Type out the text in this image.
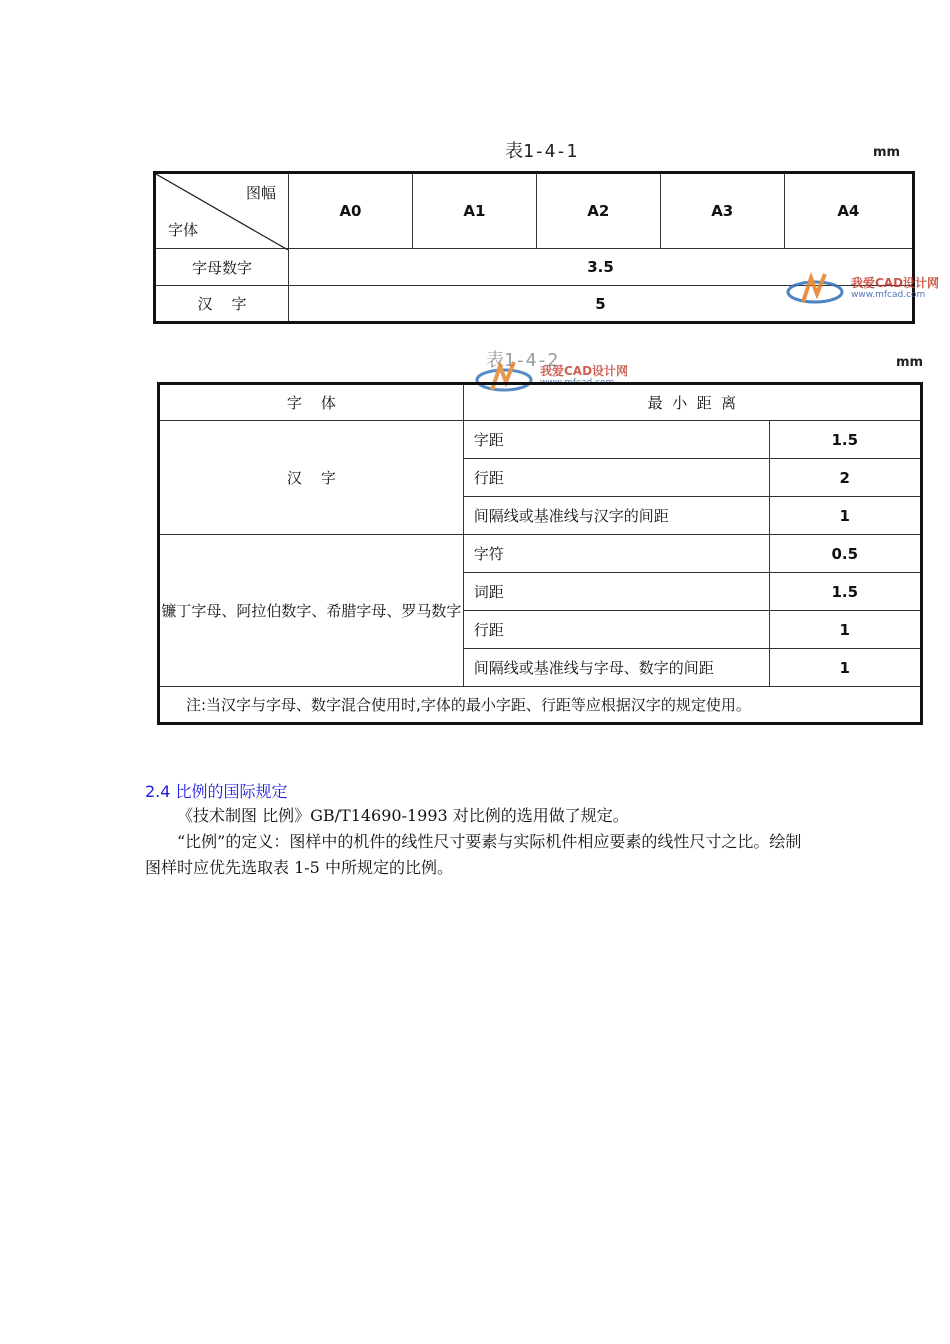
表1-4-1	mm
图幅
字体	A0	A1	A2	A3	A4
字母数字	3.5				
汉    字	5				
我爱CAD设计网
www.mfcad.com
表1-4-2	mm
我爱CAD设计网
www.mfcad.com
字    体	最  小  距  离	
汉    字	字距	1.5
	行距	2
	间隔线或基准线与汉字的间距	1
镰丁字母、阿拉伯数字、希腊字母、罗马数字	字符	0.5
	词距	1.5
	行距	1
	间隔线或基准线与字母、数字的间距	1
注:当汉字与字母、数字混合使用时,字体的最小字距、行距等应根据汉字的规定使用。		
2.4 比例的国际规定
《技术制图 比例》GB/T14690-1993 对比例的选用做了规定。
“比例”的定义：图样中的机件的线性尺寸要素与实际机件相应要素的线性尺寸之比。绘制图样时应优先选取表 1-5 中所规定的比例。
